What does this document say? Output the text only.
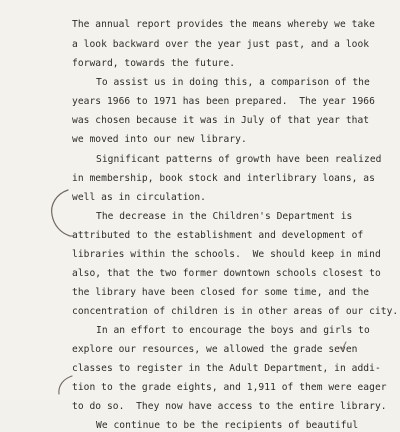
The annual report provides the means whereby we take
a look backward over the year just past, and a look
forward, towards the future.
To assist us in doing this, a comparison of the
years 1966 to 1971 has been prepared.  The year 1966
was chosen because it was in July of that year that
we moved into our new library.
Significant patterns of growth have been realized
in membership, book stock and interlibrary loans, as
well as in circulation.
The decrease in the Children's Department is
attributed to the establishment and development of
libraries within the schools.  We should keep in mind
also, that the two former downtown schools closest to
the library have been closed for some time, and the
concentration of children is in other areas of our city.
In an effort to encourage the boys and girls to
explore our resources, we allowed the grade seven
classes to register in the Adult Department, in addi-
tion to the grade eights, and 1,911 of them were eager
to do so.  They now have access to the entire library.
We continue to be the recipients of beautiful
